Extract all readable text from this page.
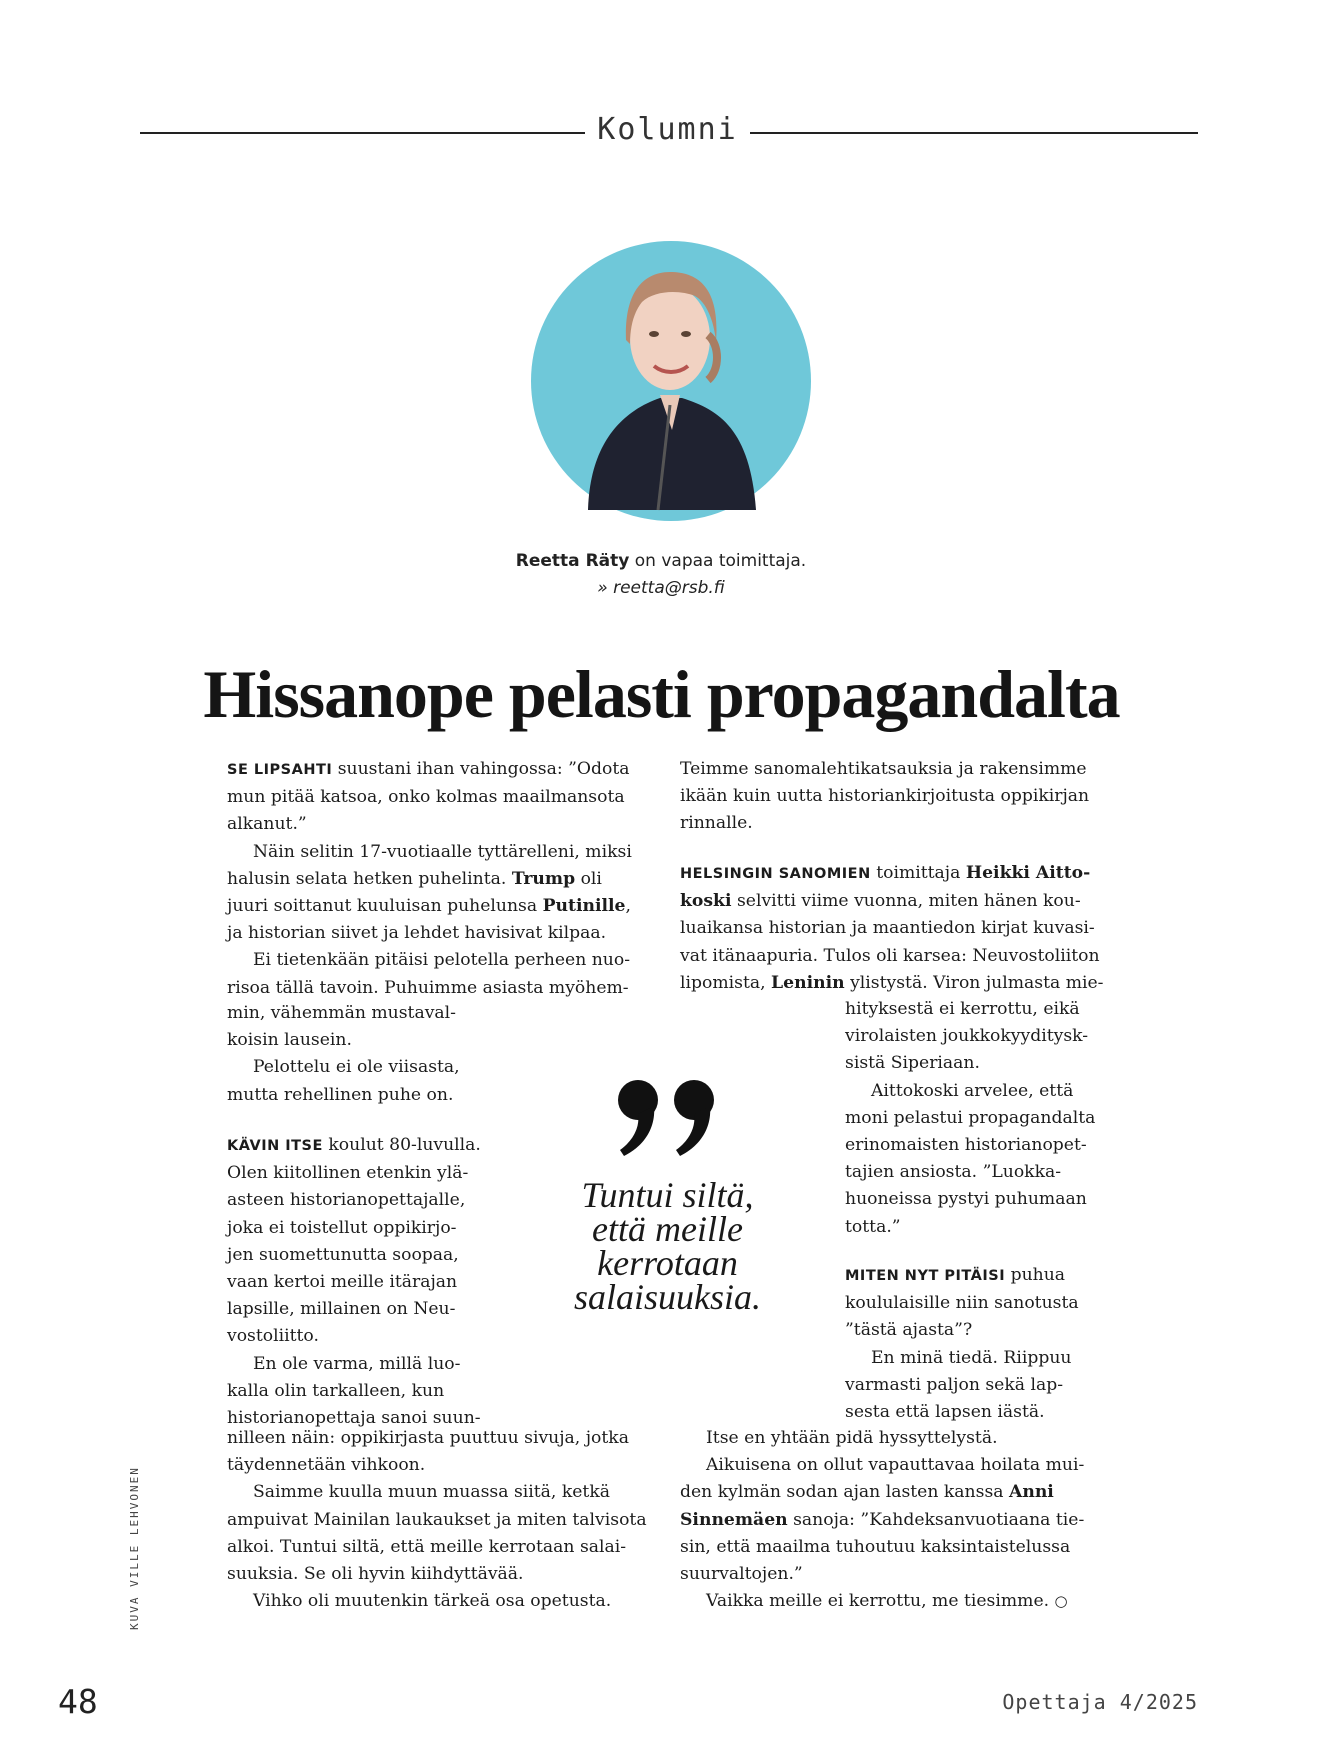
Kolumni
Reetta Räty on vapaa toimittaja.
» reetta@rsb.fi
Hissanope pelasti propagandalta
SE LIPSAHTI suustani ihan vahingossa: ”Odota
mun pitää katsoa, onko kolmas maailmansota
alkanut.”
Näin selitin 17-vuotiaalle tyttärelleni, miksi
halusin selata hetken puhelinta. Trump oli
juuri soittanut kuuluisan puhelunsa Putinille,
ja historian siivet ja lehdet havisivat kilpaa.
Ei tietenkään pitäisi pelotella perheen nuo-
risoa tällä tavoin. Puhuimme asiasta myöhem-
min, vähemmän mustaval-
koisin lausein.
Pelottelu ei ole viisasta,
mutta rehellinen puhe on.
KÄVIN ITSE koulut 80-luvulla.
Olen kiitollinen etenkin ylä-
asteen historianopettajalle,
joka ei toistellut oppikirjo-
jen suomettunutta soopaa,
vaan kertoi meille itärajan
lapsille, millainen on Neu-
vostoliitto.
En ole varma, millä luo-
kalla olin tarkalleen, kun
historianopettaja sanoi suun-
nilleen näin: oppikirjasta puuttuu sivuja, jotka
täydennetään vihkoon.
Saimme kuulla muun muassa siitä, ketkä
ampuivat Mainilan laukaukset ja miten talvisota
alkoi. Tuntui siltä, että meille kerrotaan salai-
suuksia. Se oli hyvin kiihdyttävää.
Vihko oli muutenkin tärkeä osa opetusta.
Teimme sanomalehtikatsauksia ja rakensimme
ikään kuin uutta historiankirjoitusta oppikirjan
rinnalle.
HELSINGIN SANOMIEN toimittaja Heikki Aitto-
koski selvitti viime vuonna, miten hänen kou-
luaikansa historian ja maantiedon kirjat kuvasi-
vat itänaapuria. Tulos oli karsea: Neuvostoliiton
lipomista, Leninin ylistystä. Viron julmasta mie-
hityksestä ei kerrottu, eikä
virolaisten joukkokyyditysk-
sistä Siperiaan.
Aittokoski arvelee, että
moni pelastui propagandalta
erinomaisten historianopet-
tajien ansiosta. ”Luokka-
huoneissa pystyi puhumaan
totta.”
MITEN NYT PITÄISI puhua
koululaisille niin sanotusta
”tästä ajasta”?
En minä tiedä. Riippuu
varmasti paljon sekä lap-
sesta että lapsen iästä.
Itse en yhtään pidä hyssyttelystä.
Aikuisena on ollut vapauttavaa hoilata mui-
den kylmän sodan ajan lasten kanssa Anni
Sinnemäen sanoja: ”Kahdeksanvuotiaana tie-
sin, että maailma tuhoutuu kaksintaistelussa
suurvaltojen.”
Vaikka meille ei kerrottu, me tiesimme. ○
Tuntui siltä,
että meille
kerrotaan
salaisuuksia.
KUVA VILLE LEHVONEN
48	Opettaja 4/2025
